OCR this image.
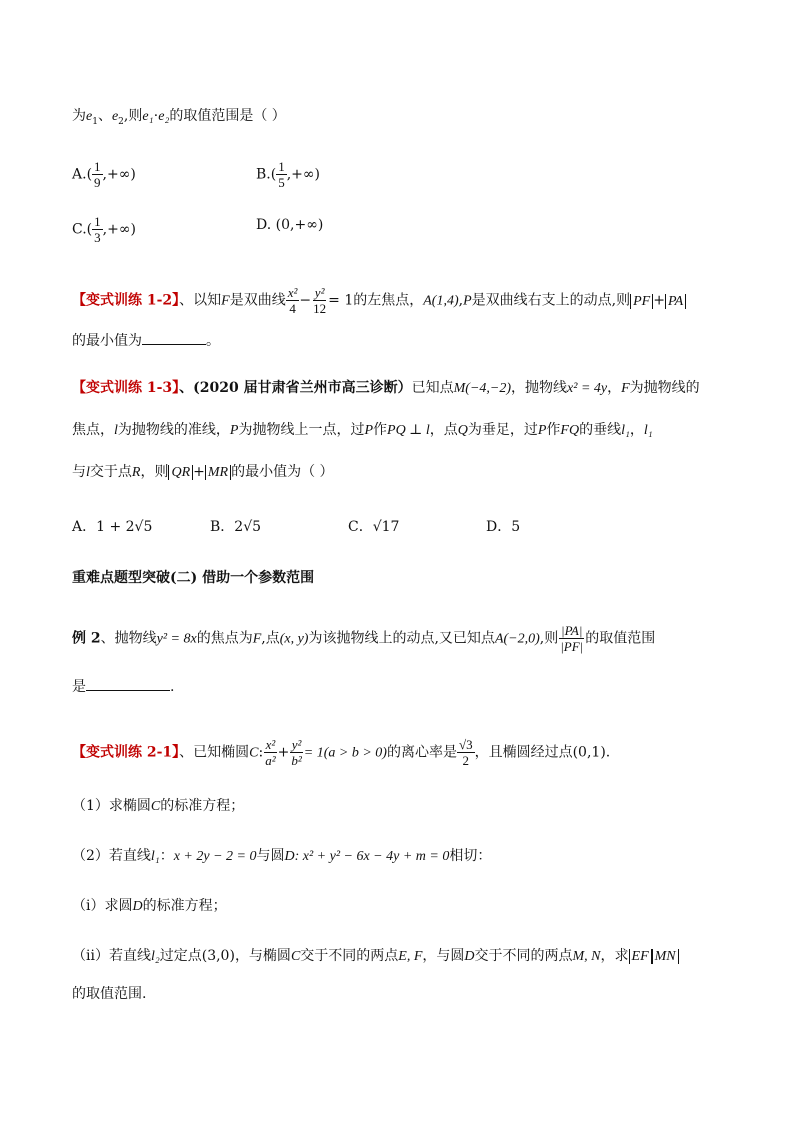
为$e_1$、$e_2$,则e₁⋅e₂的取值范围是（ ）
$A.( \frac{1}{9}$ ,+∞)	$B.( \frac{1}{5}$ ,+∞)
$C.( \frac{1}{3}$ ,+∞)	D. (0,+∞)
【变式训练 1-2】、以知F是双曲线 $\frac{\text{x²}}{4} - \frac{\text{y²}}{12} = 1$的左焦点，A(1,4),P是双曲线右支上的动点,则 PF + PA
的最小值为	。
【变式训练 1-3】、(2020 届甘肃省兰州市高三诊断）已知点M(−4,−2)，抛物线x² = 4y，F为抛物线的
焦点，l为抛物线的准线，P为抛物线上一点，过P作PQ ⊥ l，点Q为垂足，过P作FQ的垂线l₁，l₁
与l交于点R，则 QR + MR 的最小值为（ ）
A．1 + 2√5	B．2√5	C．√17	D．5
重难点题型突破(二) 借助一个参数范围
例 2、抛物线y² = 8x的焦点为F,点(x, y)为该抛物线上的动点,又已知点A(−2,0),则 $\frac{|PA|}{|PF|}$ 的取值范围
是	.
【变式训练 2-1】、已知椭圆C: $\frac{\text{x²}}{\text{a²}} + \frac{\text{y²}}{\text{b²}} = 1(a > b > 0)$的离心率是 $\frac{√3}{2}$ ，且椭圆经过点(0,1).
（1）求椭圆C的标准方程；
（2）若直线l₁：x + 2y − 2 = 0与圆D: x² + y² − 6x − 4y + m = 0相切：
（ⅰ）求圆D的标准方程；
（ⅱ）若直线l₂过定点(3,0)，与椭圆C交于不同的两点E, F，与圆D交于不同的两点M, N，求 EF MN
的取值范围.
